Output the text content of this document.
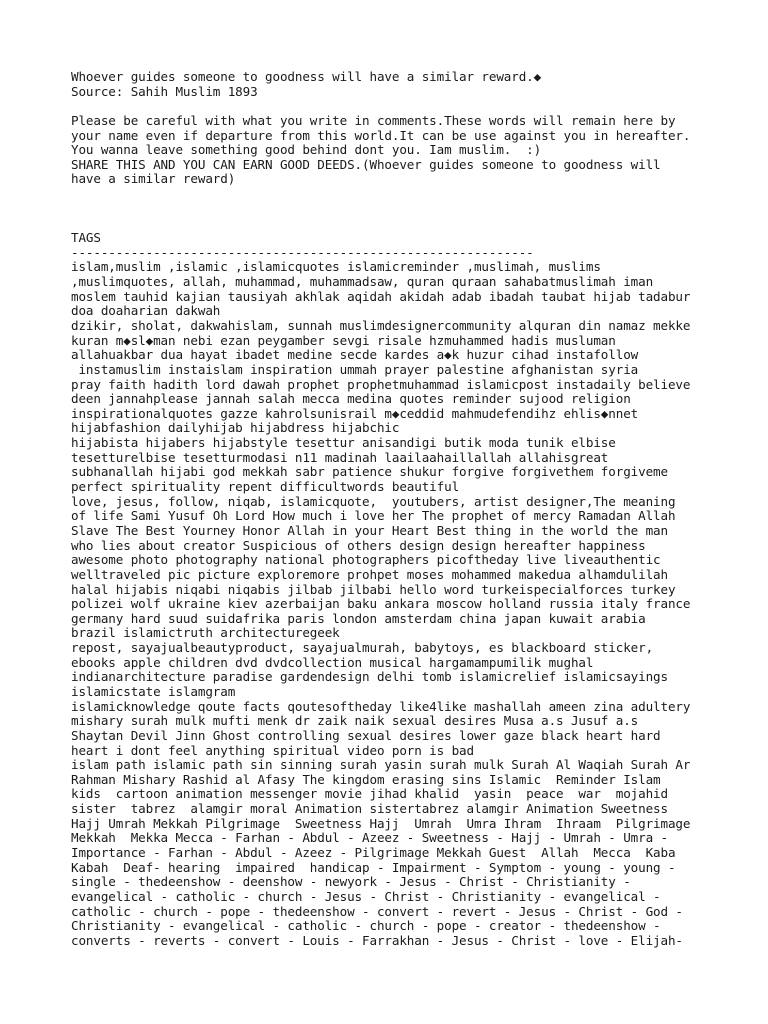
Whoever guides someone to goodness will have a similar reward.◆
Source: Sahih Muslim 1893
Please be careful with what you write in comments.These words will remain here by
your name even if departure from this world.It can be use against you in hereafter.
You wanna leave something good behind dont you. Iam muslim.  :)
SHARE THIS AND YOU CAN EARN GOOD DEEDS.(Whoever guides someone to goodness will
have a similar reward)
TAGS
--------------------------------------------------------------
islam,muslim ,islamic ,islamicquotes islamicreminder ,muslimah, muslims
,muslimquotes, allah, muhammad, muhammadsaw, quran quraan sahabatmuslimah iman
moslem tauhid kajian tausiyah akhlak aqidah akidah adab ibadah taubat hijab tadabur
doa doaharian dakwah
dzikir, sholat, dakwahislam, sunnah muslimdesignercommunity alquran din namaz mekke
kuran m◆sl◆man nebi ezan peygamber sevgi risale hzmuhammed hadis musluman
allahuakbar dua hayat ibadet medine secde kardes a◆k huzur cihad instafollow
instamuslim instaislam inspiration ummah prayer palestine afghanistan syria
pray faith hadith lord dawah prophet prophetmuhammad islamicpost instadaily believe
deen jannahplease jannah salah mecca medina quotes reminder sujood religion
inspirationalquotes gazze kahrolsunisrail m◆ceddid mahmudefendihz ehlis◆nnet
hijabfashion dailyhijab hijabdress hijabchic
hijabista hijabers hijabstyle tesettur anisandigi butik moda tunik elbise
tesetturelbise tesetturmodasi n11 madinah laailaahaillallah allahisgreat
subhanallah hijabi god mekkah sabr patience shukur forgive forgivethem forgiveme
perfect spirituality repent difficultwords beautiful
love, jesus, follow, niqab, islamicquote,  youtubers, artist designer,The meaning
of life Sami Yusuf Oh Lord How much i love her The prophet of mercy Ramadan Allah
Slave The Best Yourney Honor Allah in your Heart Best thing in the world the man
who lies about creator Suspicious of others design design hereafter happiness
awesome photo photography national photographers picoftheday live liveauthentic
welltraveled pic picture exploremore prohpet moses mohammed makedua alhamdulilah
halal hijabis niqabi niqabis jilbab jilbabi hello word turkeispecialforces turkey
polizei wolf ukraine kiev azerbaijan baku ankara moscow holland russia italy france
germany hard suud suidafrika paris london amsterdam china japan kuwait arabia
brazil islamictruth architecturegeek
repost, sayajualbeautyproduct, sayajualmurah, babytoys, es blackboard sticker,
ebooks apple children dvd dvdcollection musical hargamampumilik mughal
indianarchitecture paradise gardendesign delhi tomb islamicrelief islamicsayings
islamicstate islamgram
islamicknowledge qoute facts qoutesoftheday like4like mashallah ameen zina adultery
mishary surah mulk mufti menk dr zaik naik sexual desires Musa a.s Jusuf a.s
Shaytan Devil Jinn Ghost controlling sexual desires lower gaze black heart hard
heart i dont feel anything spiritual video porn is bad
islam path islamic path sin sinning surah yasin surah mulk Surah Al Waqiah Surah Ar
Rahman Mishary Rashid al Afasy The kingdom erasing sins Islamic  Reminder Islam
kids  cartoon animation messenger movie jihad khalid  yasin  peace  war  mojahid
sister  tabrez  alamgir moral Animation sistertabrez alamgir Animation Sweetness
Hajj Umrah Mekkah Pilgrimage  Sweetness Hajj  Umrah  Umra Ihram  Ihraam  Pilgrimage
Mekkah  Mekka Mecca - Farhan - Abdul - Azeez - Sweetness - Hajj - Umrah - Umra -
Importance - Farhan - Abdul - Azeez - Pilgrimage Mekkah Guest  Allah  Mecca  Kaba
Kabah  Deaf- hearing  impaired  handicap - Impairment - Symptom - young - young -
single - thedeenshow - deenshow - newyork - Jesus - Christ - Christianity -
evangelical - catholic - church - Jesus - Christ - Christianity - evangelical -
catholic - church - pope - thedeenshow - convert - revert - Jesus - Christ - God -
Christianity - evangelical - catholic - church - pope - creator - thedeenshow -
converts - reverts - convert - Louis - Farrakhan - Jesus - Christ - love - Elijah-
